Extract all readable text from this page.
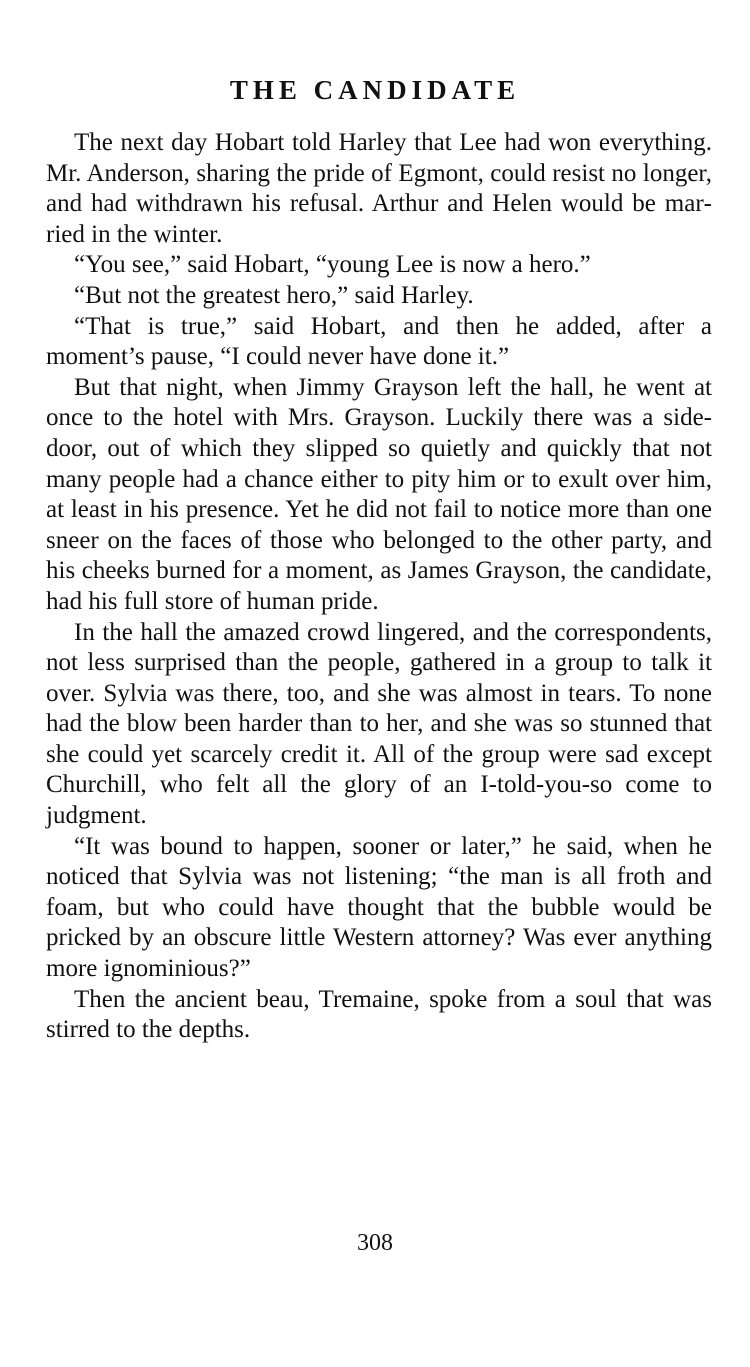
THE CANDIDATE

The next day Hobart told Harley that Lee had won everything. Mr. Anderson, sharing the pride of Egmont, could resist no longer, and had withdrawn his refusal. Arthur and Helen would be married in the winter.

“You see,” said Hobart, “young Lee is now a hero.”

“But not the greatest hero,” said Harley.

“That is true,” said Hobart, and then he added, after a moment’s pause, “I could never have done it.”

But that night, when Jimmy Grayson left the hall, he went at once to the hotel with Mrs. Grayson. Luckily there was a side-door, out of which they slipped so quietly and quickly that not many people had a chance either to pity him or to exult over him, at least in his presence. Yet he did not fail to notice more than one sneer on the faces of those who belonged to the other party, and his cheeks burned for a moment, as James Grayson, the candidate, had his full store of human pride.

In the hall the amazed crowd lingered, and the correspondents, not less surprised than the people, gathered in a group to talk it over. Sylvia was there, too, and she was almost in tears. To none had the blow been harder than to her, and she was so stunned that she could yet scarcely credit it. All of the group were sad except Churchill, who felt all the glory of an I-told-you-so come to judgment.

“It was bound to happen, sooner or later,” he said, when he noticed that Sylvia was not listening; “the man is all froth and foam, but who could have thought that the bubble would be pricked by an obscure little Western attorney? Was ever anything more ignominious?”

Then the ancient beau, Tremaine, spoke from a soul that was stirred to the depths.

308
